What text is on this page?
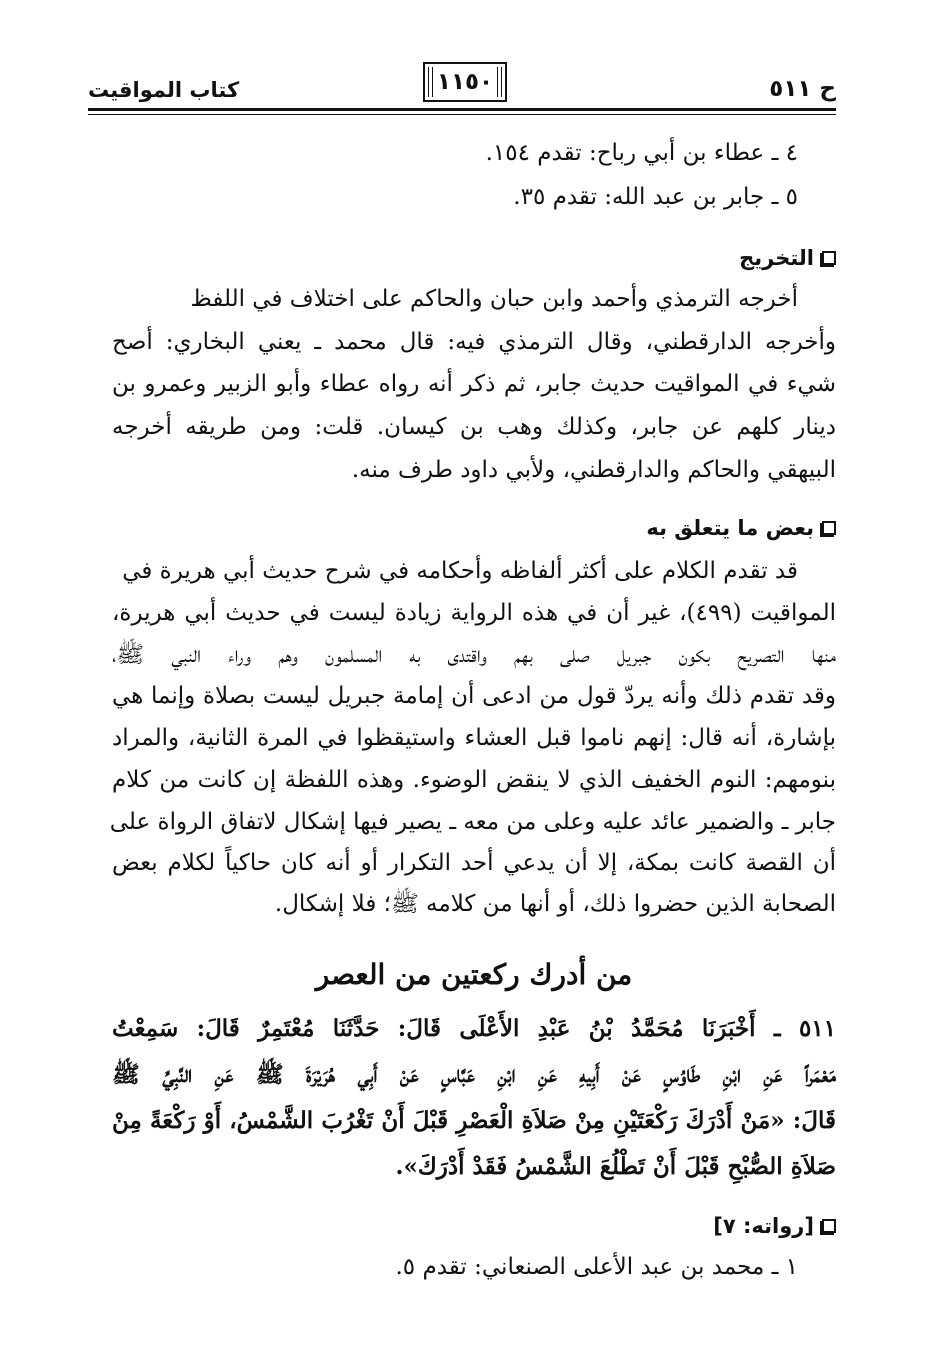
ح ٥١١
١١٥٠
كتاب المواقيت
٤ ـ عطاء بن أبي رباح: تقدم ١٥٤.
٥ ـ جابر بن عبد الله: تقدم ٣٥.
التخريج
أخرجه الترمذي وأحمد وابن حبان والحاكم على اختلاف في اللفظ
وأخرجه الدارقطني، وقال الترمذي فيه: قال محمد ـ يعني البخاري: أصح
شيء في المواقيت حديث جابر، ثم ذكر أنه رواه عطاء وأبو الزبير وعمرو بن
دينار كلهم عن جابر، وكذلك وهب بن كيسان. قلت: ومن طريقه أخرجه
البيهقي والحاكم والدارقطني، ولأبي داود طرف منه.
بعض ما يتعلق به
قد تقدم الكلام على أكثر ألفاظه وأحكامه في شرح حديث أبي هريرة في
المواقيت (٤٩٩)، غير أن في هذه الرواية زيادة ليست في حديث أبي هريرة،
منها التصريح بكون جبريل صلى بهم واقتدى به المسلمون وهم وراء النبي ﷺ،
وقد تقدم ذلك وأنه يردّ قول من ادعى أن إمامة جبريل ليست بصلاة وإنما هي
بإشارة، أنه قال: إنهم ناموا قبل العشاء واستيقظوا في المرة الثانية، والمراد
بنومهم: النوم الخفيف الذي لا ينقض الوضوء. وهذه اللفظة إن كانت من كلام
جابر ـ والضمير عائد عليه وعلى من معه ـ يصير فيها إشكال لاتفاق الرواة على
أن القصة كانت بمكة، إلا أن يدعي أحد التكرار أو أنه كان حاكياً لكلام بعض
الصحابة الذين حضروا ذلك، أو أنها من كلامه ﷺ؛ فلا إشكال.
من أدرك ركعتين من العصر
٥١١ ـ أَخْبَرَنَا مُحَمَّدُ بْنُ عَبْدِ الأَعْلَى قَالَ: حَدَّثَنَا مُعْتَمِرٌ قَالَ: سَمِعْتُ
مَعْمَراً عَنِ ابْنِ طَاوُسٍ عَنْ أَبِيهِ عَنِ ابْنِ عَبَّاسٍ عَنْ أَبِي هُرَيْرَةَ ﷺ عَنِ النَّبِيِّ ﷺ
قَالَ: «مَنْ أَدْرَكَ رَكْعَتَيْنِ مِنْ صَلاَةِ الْعَصْرِ قَبْلَ أَنْ تَغْرُبَ الشَّمْسُ، أَوْ رَكْعَةً مِنْ
صَلاَةِ الصُّبْحِ قَبْلَ أَنْ تَطْلُعَ الشَّمْسُ فَقَدْ أَدْرَكَ».
[رواته: ٧]
١ ـ محمد بن عبد الأعلى الصنعاني: تقدم ٥.
